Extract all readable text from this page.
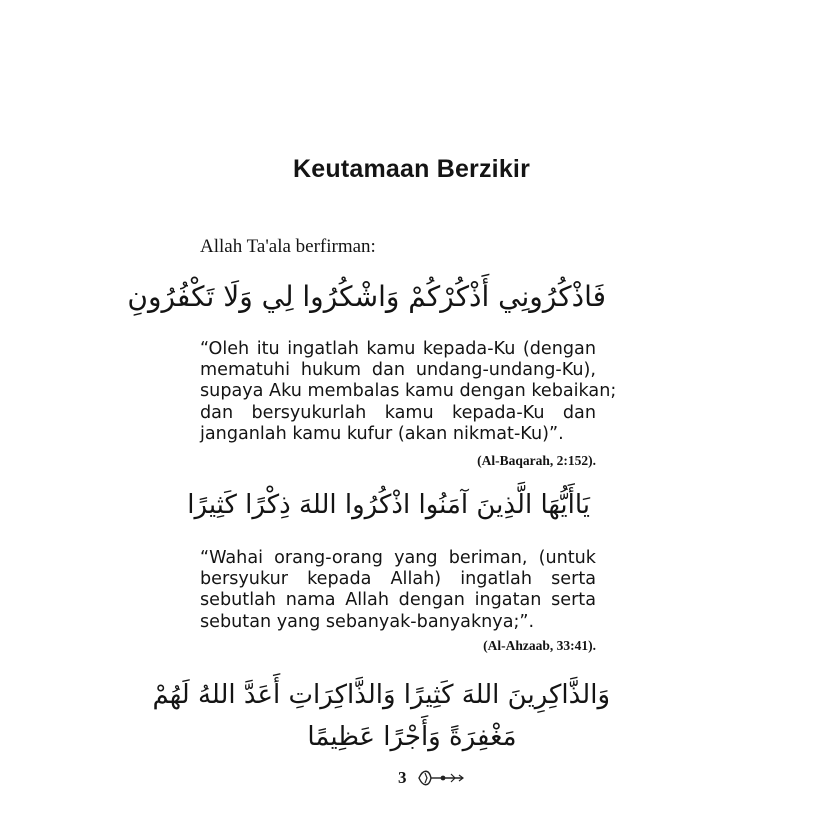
Keutamaan Berzikir
Allah Ta'ala berfirman:
فَاذْكُرُونِي أَذْكُرْكُمْ وَاشْكُرُوا لِي وَلَا تَكْفُرُونِ
“Oleh itu ingatlah kamu kepada-Ku (dengan
mematuhi hukum dan undang-undang-Ku),
supaya Aku membalas kamu dengan kebaikan;
dan bersyukurlah kamu kepada-Ku dan
janganlah kamu kufur (akan nikmat-Ku)”.
(Al-Baqarah, 2:152).
يَاأَيُّهَا الَّذِينَ آمَنُوا اذْكُرُوا اللهَ ذِكْرًا كَثِيرًا
“Wahai orang-orang yang beriman, (untuk
bersyukur kepada Allah) ingatlah serta
sebutlah nama Allah dengan ingatan serta
sebutan yang sebanyak-banyaknya;”.
(Al-Ahzaab, 33:41).
وَالذَّاكِرِينَ اللهَ كَثِيرًا وَالذَّاكِرَاتِ أَعَدَّ اللهُ لَهُمْ
مَغْفِرَةً وَأَجْرًا عَظِيمًا
3
